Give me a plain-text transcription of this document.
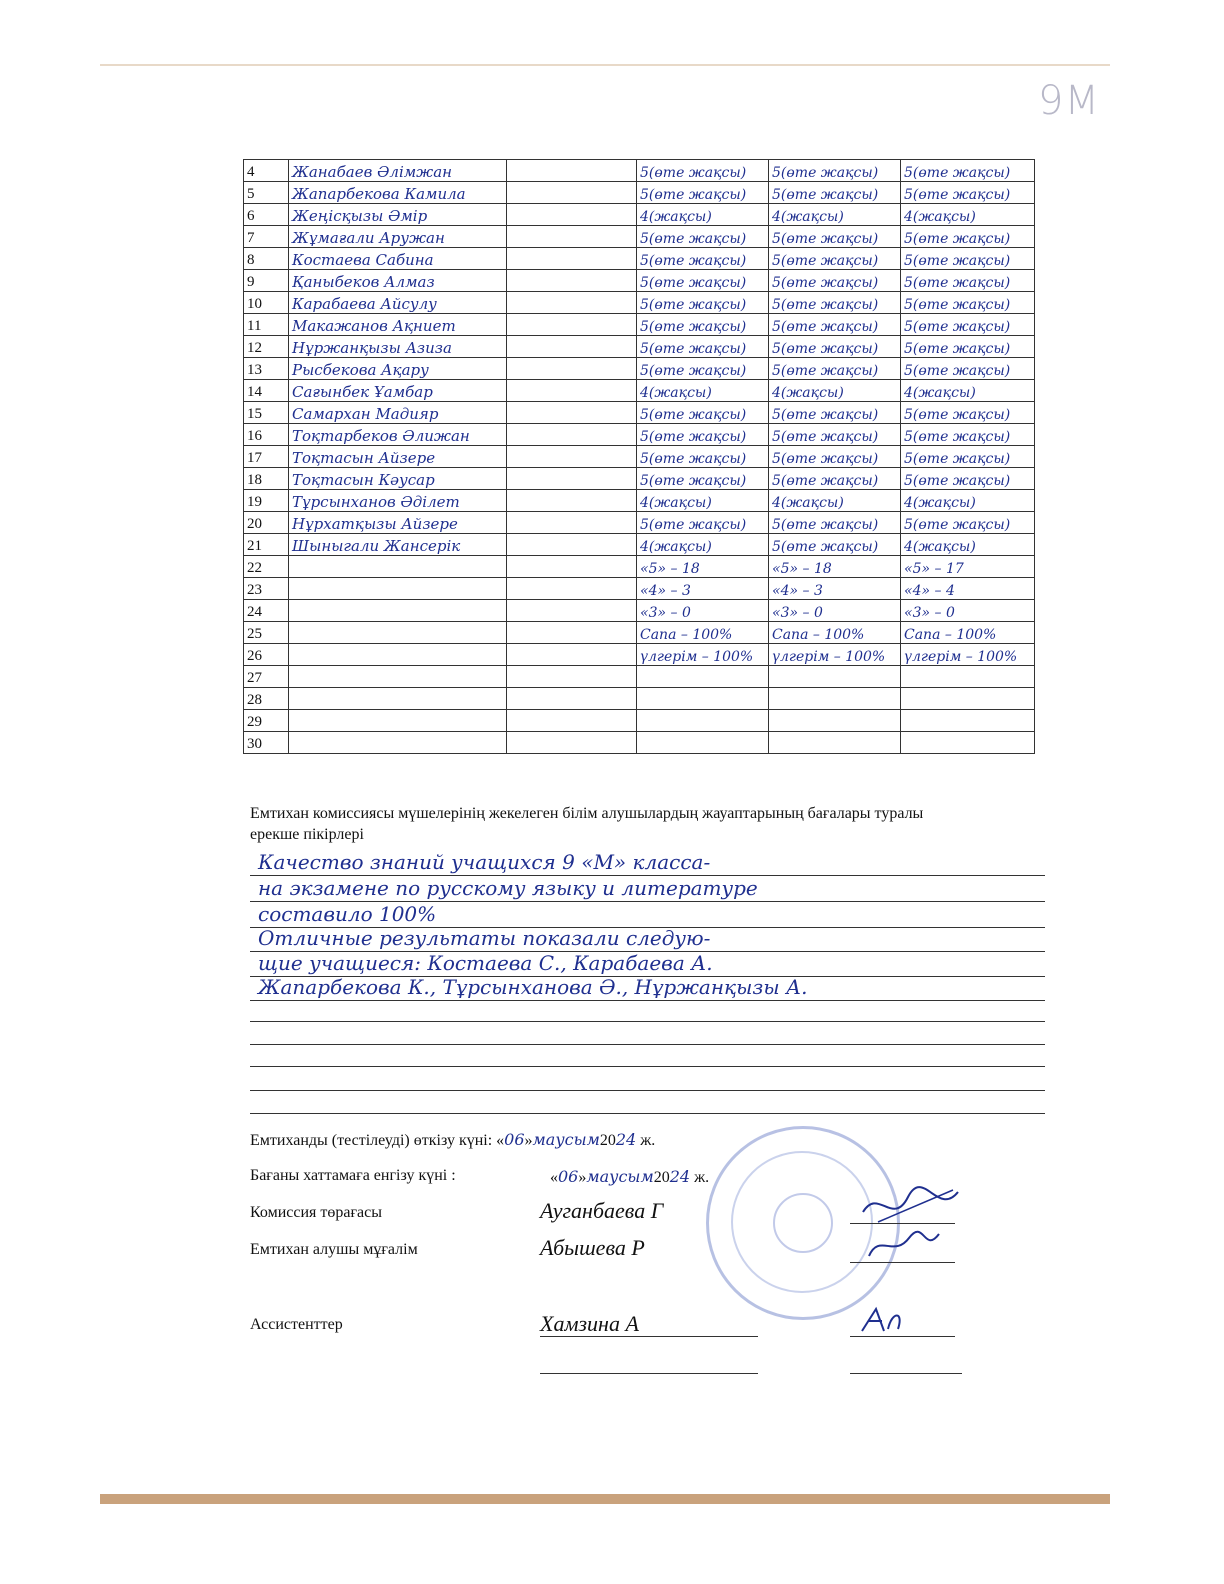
9М
4	Жанабаев Әлімжан		5(өте жақсы)	5(өте жақсы)	5(өте жақсы)
5	Жапарбекова Камила		5(өте жақсы)	5(өте жақсы)	5(өте жақсы)
6	Жеңісқызы Әмір		4(жақсы)	4(жақсы)	4(жақсы)
7	Жұмағали Аружан		5(өте жақсы)	5(өте жақсы)	5(өте жақсы)
8	Костаева Сабина		5(өте жақсы)	5(өте жақсы)	5(өте жақсы)
9	Қаныбеков Алмаз		5(өте жақсы)	5(өте жақсы)	5(өте жақсы)
10	Карабаева Айсулу		5(өте жақсы)	5(өте жақсы)	5(өте жақсы)
11	Макажанов Ақниет		5(өте жақсы)	5(өте жақсы)	5(өте жақсы)
12	Нұржанқызы Азиза		5(өте жақсы)	5(өте жақсы)	5(өте жақсы)
13	Рысбекова Ақару		5(өте жақсы)	5(өте жақсы)	5(өте жақсы)
14	Сағынбек Ұамбар		4(жақсы)	4(жақсы)	4(жақсы)
15	Самархан Мадияр		5(өте жақсы)	5(өте жақсы)	5(өте жақсы)
16	Тоқтарбеков Әлижан		5(өте жақсы)	5(өте жақсы)	5(өте жақсы)
17	Тоқтасын Айзере		5(өте жақсы)	5(өте жақсы)	5(өте жақсы)
18	Тоқтасын Кәусар		5(өте жақсы)	5(өте жақсы)	5(өте жақсы)
19	Тұрсынханов Әділет		4(жақсы)	4(жақсы)	4(жақсы)
20	Нұрхатқызы Айзере		5(өте жақсы)	5(өте жақсы)	5(өте жақсы)
21	Шыныгали Жансерік		4(жақсы)	5(өте жақсы)	4(жақсы)
22			«5» – 18	«5» – 18	«5» – 17
23			«4» – 3	«4» – 3	«4» – 4
24			«3» – 0	«3» – 0	«3» – 0
25			Сапа – 100%	Сапа – 100%	Сапа – 100%
26			үлгерім – 100%	үлгерім – 100%	үлгерім – 100%
27					
28					
29					
30					
Емтихан комиссиясы мүшелерінің жекелеген білім алушылардың жауаптарының бағалары туралы
ерекше пікірлері
Качество знаний учащихся 9 «М» класса-
на экзамене по русскому языку и литературе
составило 100%
Отличные результаты показали следую-
щие учащиеся: Костаева С., Карабаева А.
Жапарбекова К., Тұрсынханова Ә., Нұржанқызы А.
Емтиханды (тестілеуді) өткізу күні: «06»маусым2024 ж.
Бағаны хаттамаға енгізу күні :	«06»маусым2024 ж.
Комиссия төрағасы	Ауганбаева Г
Емтихан алушы мұғалім	Абышева Р
Ассистенттер	Хамзина А
